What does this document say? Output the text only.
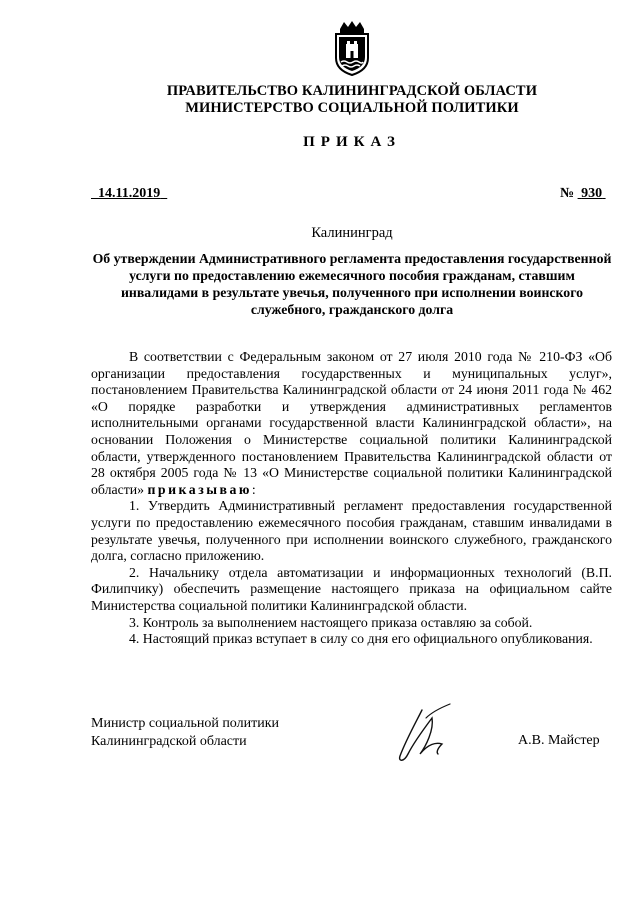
ПРАВИТЕЛЬСТВО КАЛИНИНГРАДСКОЙ ОБЛАСТИ
МИНИСТЕРСТВО СОЦИАЛЬНОЙ ПОЛИТИКИ
ПРИКАЗ
14.11.2019	№ 930
Калининград
Об утверждении Административного регламента предоставления государственной услуги по предоставлению ежемесячного пособия гражданам, ставшим инвалидами в результате увечья, полученного при исполнении воинского служебного, гражданского долга

В соответствии с Федеральным законом от 27 июля 2010 года № 210-ФЗ «Об организации предоставления государственных и муниципальных услуг», постановлением Правительства Калининградской области от 24 июня 2011 года № 462 «О порядке разработки и утверждения административных регламентов исполнительными органами государственной власти Калининградской области», на основании Положения о Министерстве социальной политики Калининградской области, утвержденного постановлением Правительства Калининградской области от 28 октября 2005 года № 13 «О Министерстве социальной политики Калининградской области» приказываю:

1. Утвердить Административный регламент предоставления государственной услуги по предоставлению ежемесячного пособия гражданам, ставшим инвалидами в результате увечья, полученного при исполнении воинского служебного, гражданского долга, согласно приложению.

2. Начальнику отдела автоматизации и информационных технологий (В.П. Филипчику) обеспечить размещение настоящего приказа на официальном сайте Министерства социальной политики Калининградской области.

3. Контроль за выполнением настоящего приказа оставляю за собой.

4. Настоящий приказ вступает в силу со дня его официального опубликования.

Министр социальной политики
Калининградской области	А.В. Майстер
